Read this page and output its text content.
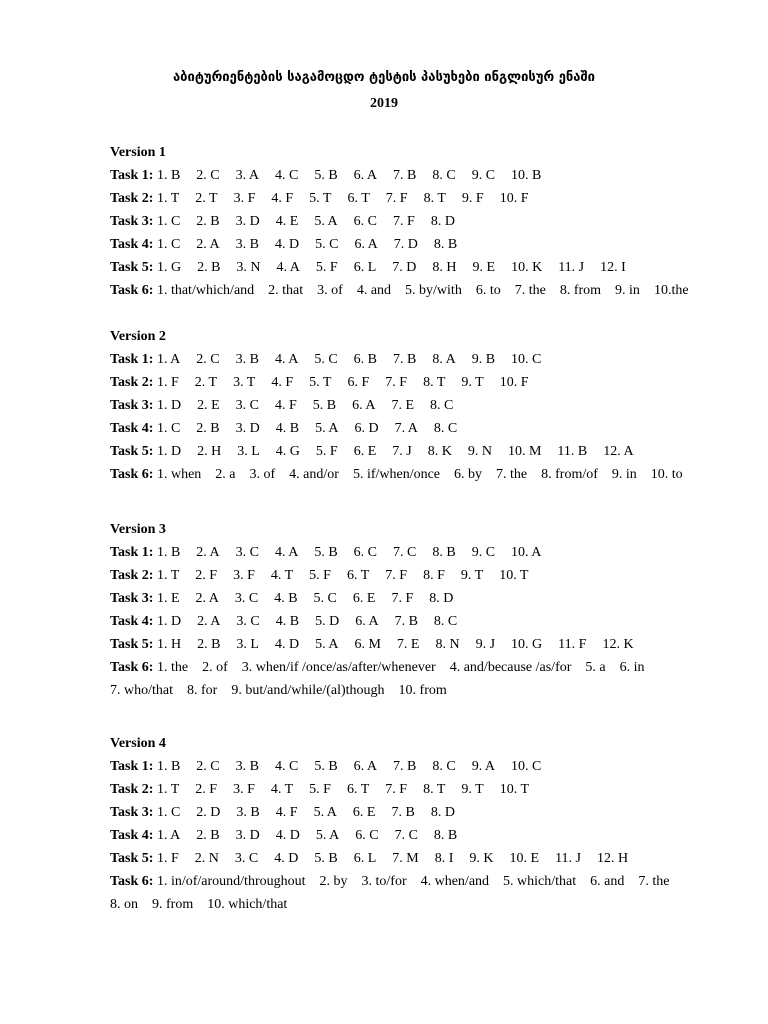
აბიტურიენტების საგამოცდო ტესტის პასუხები ინგლისურ ენაში
2019
Version 1
Task 1: 1. B 2. C 3. A 4. C 5. B 6. A 7. B 8. C 9. C 10. B
Task 2: 1. T 2. T 3. F 4. F 5. T 6. T 7. F 8. T 9. F 10. F
Task 3: 1. C 2. B 3. D 4. E 5. A 6. C 7. F 8. D
Task 4: 1. C 2. A 3. B 4. D 5. C 6. A 7. D 8. B
Task 5: 1. G 2. B 3. N 4. A 5. F 6. L 7. D 8. H 9. E 10. K 11. J 12. I
Task 6: 1. that/which/and 2. that 3. of 4. and 5. by/with 6. to 7. the 8. from 9. in 10.the
Version 2
Task 1: 1. A 2. C 3. B 4. A 5. C 6. B 7. B 8. A 9. B 10. C
Task 2: 1. F 2. T 3. T 4. F 5. T 6. F 7. F 8. T 9. T 10. F
Task 3: 1. D 2. E 3. C 4. F 5. B 6. A 7. E 8. C
Task 4: 1. C 2. B 3. D 4. B 5. A 6. D 7. A 8. C
Task 5: 1. D 2. H 3. L 4. G 5. F 6. E 7. J 8. K 9. N 10. M 11. B 12. A
Task 6: 1. when 2. a 3. of 4. and/or 5. if/when/once 6. by 7. the 8. from/of 9. in 10. to
Version 3
Task 1: 1. B 2. A 3. C 4. A 5. B 6. C 7. C 8. B 9. C 10. A
Task 2: 1. T 2. F 3. F 4. T 5. F 6. T 7. F 8. F 9. T 10. T
Task 3: 1. E 2. A 3. C 4. B 5. C 6. E 7. F 8. D
Task 4: 1. D 2. A 3. C 4. B 5. D 6. A 7. B 8. C
Task 5: 1. H 2. B 3. L 4. D 5. A 6. M 7. E 8. N 9. J 10. G 11. F 12. K
Task 6: 1. the 2. of 3. when/if /once/as/after/whenever 4. and/because /as/for 5. a 6. in
7. who/that 8. for 9. but/and/while/(al)though 10. from
Version 4
Task 1: 1. B 2. C 3. B 4. C 5. B 6. A 7. B 8. C 9. A 10. C
Task 2: 1. T 2. F 3. F 4. T 5. F 6. T 7. F 8. T 9. T 10. T
Task 3: 1. C 2. D 3. B 4. F 5. A 6. E 7. B 8. D
Task 4: 1. A 2. B 3. D 4. D 5. A 6. C 7. C 8. B
Task 5: 1. F 2. N 3. C 4. D 5. B 6. L 7. M 8. I 9. K 10. E 11. J 12. H
Task 6: 1. in/of/around/throughout 2. by 3. to/for 4. when/and 5. which/that 6. and 7. the
8. on 9. from 10. which/that
